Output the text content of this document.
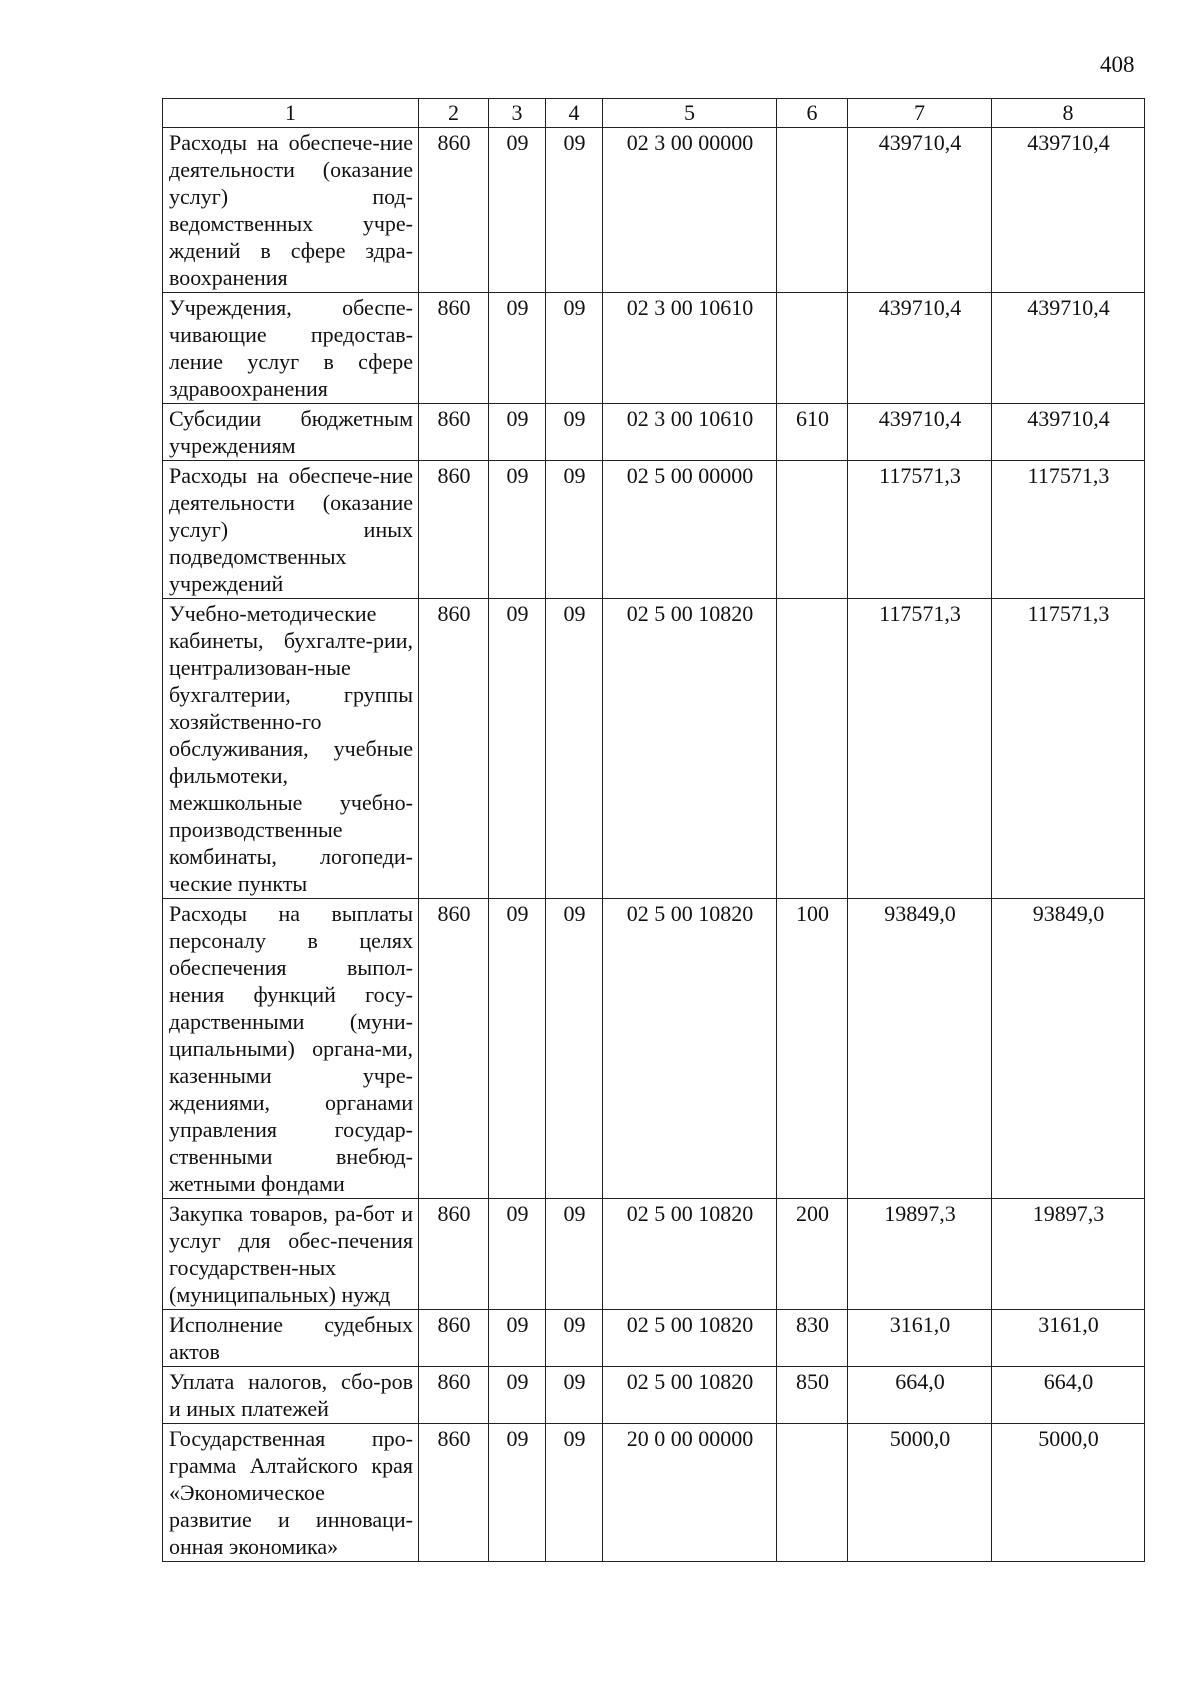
408
1	2	3	4	5	6	7	8
Расходы на обеспече-ние деятельности (оказание услуг) под-ведомственных учре-ждений в сфере здра-воохранения	860	09	09	02 3 00 00000		439710,4	439710,4
Учреждения, обеспе-чивающие предостав-ление услуг в сфере здравоохранения	860	09	09	02 3 00 10610		439710,4	439710,4
Субсидии бюджетным учреждениям	860	09	09	02 3 00 10610	610	439710,4	439710,4
Расходы на обеспече-ние деятельности (оказание услуг) иных подведомственных учреждений	860	09	09	02 5 00 00000		117571,3	117571,3
Учебно-методические кабинеты, бухгалте-рии, централизован-ные бухгалтерии, группы хозяйственно-го обслуживания, учебные фильмотеки, межшкольные учебно-производственные комбинаты, логопеди-ческие пункты	860	09	09	02 5 00 10820		117571,3	117571,3
Расходы на выплаты персоналу в целях обеспечения выпол-нения функций госу-дарственными (муни-ципальными) органа-ми, казенными учре-ждениями, органами управления государ-ственными внебюд-жетными фондами	860	09	09	02 5 00 10820	100	93849,0	93849,0
Закупка товаров, ра-бот и услуг для обес-печения государствен-ных (муниципальных) нужд	860	09	09	02 5 00 10820	200	19897,3	19897,3
Исполнение судебных актов	860	09	09	02 5 00 10820	830	3161,0	3161,0
Уплата налогов, сбо-ров и иных платежей	860	09	09	02 5 00 10820	850	664,0	664,0
Государственная про-грамма Алтайского края «Экономическое развитие и инноваци-онная экономика»	860	09	09	20 0 00 00000		5000,0	5000,0
